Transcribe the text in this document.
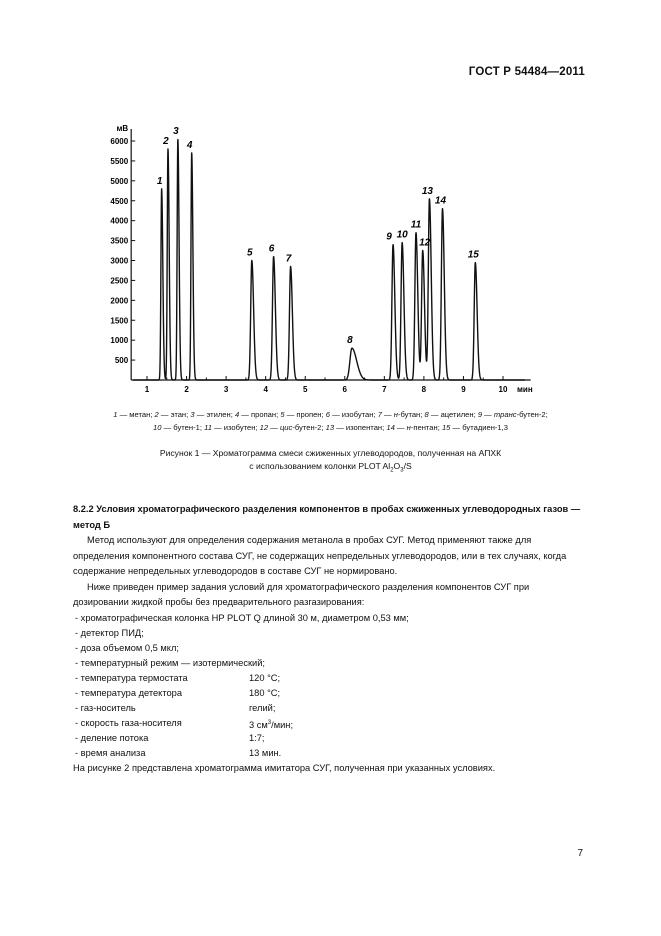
ГОСТ Р 54484—2011
500
1000
1500
2000
2500
3000
3500
4000
4500
5000
5500
6000
мВ
1	2	3	4	5	6	7	8	9	10 мин
1
2
3
4
5 6
7
8
9 10
11
12
13
14
15
1 — метан; 2 — этан; 3 — этилен; 4 — пропан; 5 — пропен; 6 — изобутан; 7 — н-бутан; 8 — ацетилен; 9 — транс-бутен-2;
10 — бутен-1; 11 — изобутен; 12 — цис-бутен-2; 13 — изопентан; 14 — н-пентан; 15 — бутадиен-1,3
Рисунок 1 — Хроматограмма смеси сжиженных углеводородов, полученная на АПХК
с использованием колонки PLOT $Al_2O_3/S$

8.2.2 Условия хроматографического разделения компонентов в пробах сжиженных углеводородных газов — метод Б

Метод используют для определения содержания метанола в пробах СУГ. Метод применяют также для определения компонентного состава СУГ, не содержащих непредельных углеводородов, или в тех случаях, когда содержание непредельных углеводородов в составе СУГ не нормировано.

Ниже приведен пример задания условий для хроматографического разделения компонентов СУГ при дозировании жидкой пробы без предварительного разгазирования:

- хроматографическая колонка HP PLOT Q длиной 30 м, диаметром 0,53 мм;
- детектор ПИД;
- доза объемом 0,5 мкл;
- температурный режим — изотермический;
- температура термостата	120 °С;
- температура детектора	180 °С;
- газ-носитель	гелий;
- скорость газа-носителя	3 $см^3$/мин;
- деление потока	1:7;
- время анализа	13 мин.

На рисунке 2 представлена хроматограмма имитатора СУГ, полученная при указанных условиях.

7
